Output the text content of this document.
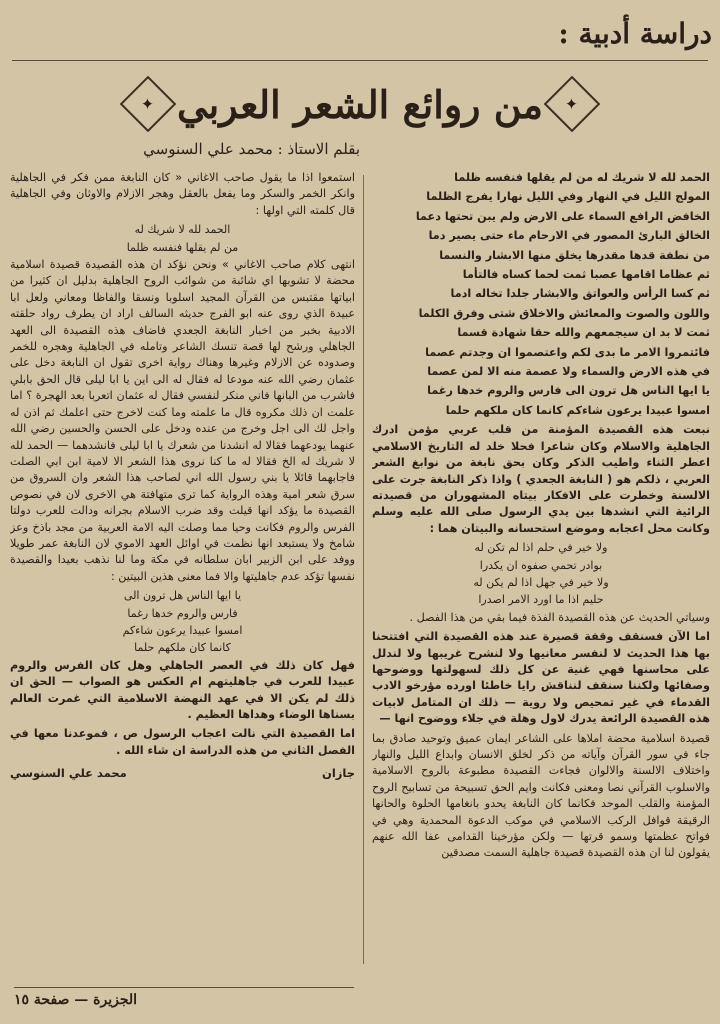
دراسة أدبية :
✦
من روائع الشعر العربي
✦
بقلم الاستاذ : محمد علي السنوسي

الحمد لله لا شريك له من لم يقلها فنفسه ظلما

المولج الليل في النهار وفي الليل نهارا يفرج الظلما

الخافض الرافع السماء على الارض ولم يبن تحتها دعما

الخالق البارئ المصور في الارحام ماء حتى يصير دما

من نطفة قدها مقدرها يخلق منها الابشار والنسما

ثم عظاما اقامها عصبا ثمت لحما كساه فالتأما

ثم كسا الرأس والعواتق والابشار جلدا تخاله ادما

واللون والصوت والمعائش والاخلاق شتى وفرق الكلما

ثمت لا بد ان سيجمعهم والله حقا شهادة قسما

فائتمروا الامر ما بدى لكم واعتصموا ان وجدتم عصما

في هذه الارض والسماء ولا عصمة منه الا لمن عصما

يا ايها الناس هل ترون الى فارس والروم خدها رغما

امسوا عبيدا يرعون شاءكم كانما كان ملكهم حلما

نبعت هذه القصيدة المؤمنة من قلب عربي مؤمن ادرك الجاهلية والاسلام وكان شاعرا فحلا خلد له التاريخ الاسلامي اعطر الثناء واطيب الذكر وكان بحق نابغة من نوابغ الشعر العربي ، ذلكم هو ( النابغة الجعدي ) واذا ذكر النابغة جرت على الالسنة وخطرت على الافكار بيتاه المشهوران من قصيدته الرائية التي انشدها بين يدي الرسول صلى الله عليه وسلم وكانت محل اعجابه وموضع استحسانه والبيتان هما :

ولا خير في حلم اذا لم تكن له
بوادر تحمي صفوه ان يكدرا
ولا خير في جهل اذا لم يكن له
حليم اذا ما اورد الامر اصدرا

وسياتي الحديث عن هذه القصيدة الفذة فيما بقي من هذا الفصل .

اما الآن فسنقف وقفة قصيرة عند هذه القصيدة التي افتتحنا بها هذا الحديث لا لنفسر معانيها ولا لنشرح غريبها ولا لندلل على محاسنها فهي غنية عن كل ذلك لسهولتها ووضوحها وصفائها ولكننا سنقف لنناقش رايا خاطئا اورده مؤرخو الادب القدماء في غير تمحيص ولا روية — ذلك ان المتامل لابيات هذه القصيدة الرائعة يدرك لاول وهلة في جلاء ووضوح انها —

قصيدة اسلامية محضة املاها على الشاعر ايمان عميق وتوحيد صادق بما جاء في سور القرآن وآياته من ذكر لخلق الانسان وابداع الليل والنهار واختلاف الالسنة والالوان فجاءت القصيدة مطبوعة بالروح الاسلامية والاسلوب القرآني نصا ومعنى فكانت وايم الحق تسبيحة من تسابيح الروح المؤمنة والقلب الموحد فكانما كان النابغة يحدو بانغامها الحلوة والحانها الرقيقة قوافل الركب الاسلامي في موكب الدعوة المحمدية وهي في فواتح عظمتها وسمو قرتها — ولكن مؤرخينا القدامى عفا الله عنهم يقولون لنا ان هذه القصيدة قصيدة جاهلية السمت مصدقين

استمعوا اذا ما يقول صاحب الاغاني « كان النابغة ممن فكر في الجاهلية وانكر الخمر والسكر وما يفعل بالعقل وهجر الازلام والاوثان وفي الجاهلية قال كلمته التي اولها :

الحمد لله لا شريك له
من لم يقلها فنفسه ظلما

انتهى كلام صاحب الاغاني » ونحن نؤكد ان هذه القصيدة قصيدة اسلامية محضة لا تشوبها اي شائبة من شوائب الروح الجاهلية بدليل ان كثيرا من ابياتها مقتبس من القرآن المجيد اسلوبا ونسقا والفاظا ومعاني ولعل ابا عبيدة الذي روى عنه ابو الفرج حديثه السالف اراد ان يطرف رواد حلقته الادبية بخبر من اخبار النابغة الجعدي فاضاف هذه القصيدة الى العهد الجاهلي ورشح لها قصة تنسك الشاعر وتامله في الجاهلية وهجره للخمر وصدوده عن الازلام وغيرها وهناك رواية اخرى تقول ان النابغة دخل على عثمان رضي الله عنه مودعا له فقال له الى اين يا ابا ليلى قال الحق بابلي فاشرب من البانها فاني منكر لنفسي فقال له عثمان اتعربا بعد الهجرة ؟ اما علمت ان ذلك مكروه قال ما علمته وما كنت لاخرج حتى اعلمك ثم اذن له واجل لك الى اجل وخرج من عنده ودخل على الحسن والحسين رضي الله عنهما يودعهما فقالا له انشدنا من شعرك يا ابا ليلى فانشدهما — الحمد لله لا شريك له الخ فقالا له ما كنا نروى هذا الشعر الا لامية ابن ابي الصلت فاجابهما قائلا يا بني رسول الله اني لصاحب هذا الشعر وان السروق من سرق شعر امية وهذه الرواية كما ترى متهافتة هي الاخرى لان في نصوص القصيدة ما يؤكد انها قيلت وقد ضرب الاسلام بجرانه ودالت للعرب دولتا الفرس والروم فكانت وحيا مما وصلت اليه الامة العربية من مجد باذخ وعز شامخ ولا يستبعد انها نظمت في اوائل العهد الاموي لان النابغة عمر طويلا ووفد على ابن الزبير ابان سلطانه في مكة وما لنا نذهب بعيدا والقصيدة نفسها تؤكد عدم جاهليتها والا فما معنى هذين البيتين :

يا ايها الناس هل ترون الى
فارس والروم خدها رغما
امسوا عبيدا يرعون شاءكم
كانما كان ملكهم حلما

فهل كان ذلك في العصر الجاهلي وهل كان الفرس والروم عبيدا للعرب في جاهليتهم ام العكس هو الصواب — الحق ان ذلك لم يكن الا في عهد النهضة الاسلامية التي غمرت العالم بسناها الوضاء وهداها العظيم .

اما القصيدة التي نالت اعجاب الرسول ص ، فموعدنا معها في الفصل الثاني من هذه الدراسة ان شاء الله .

جازان
محمد علي السنوسي
الجزيرة — صفحة ١٥
